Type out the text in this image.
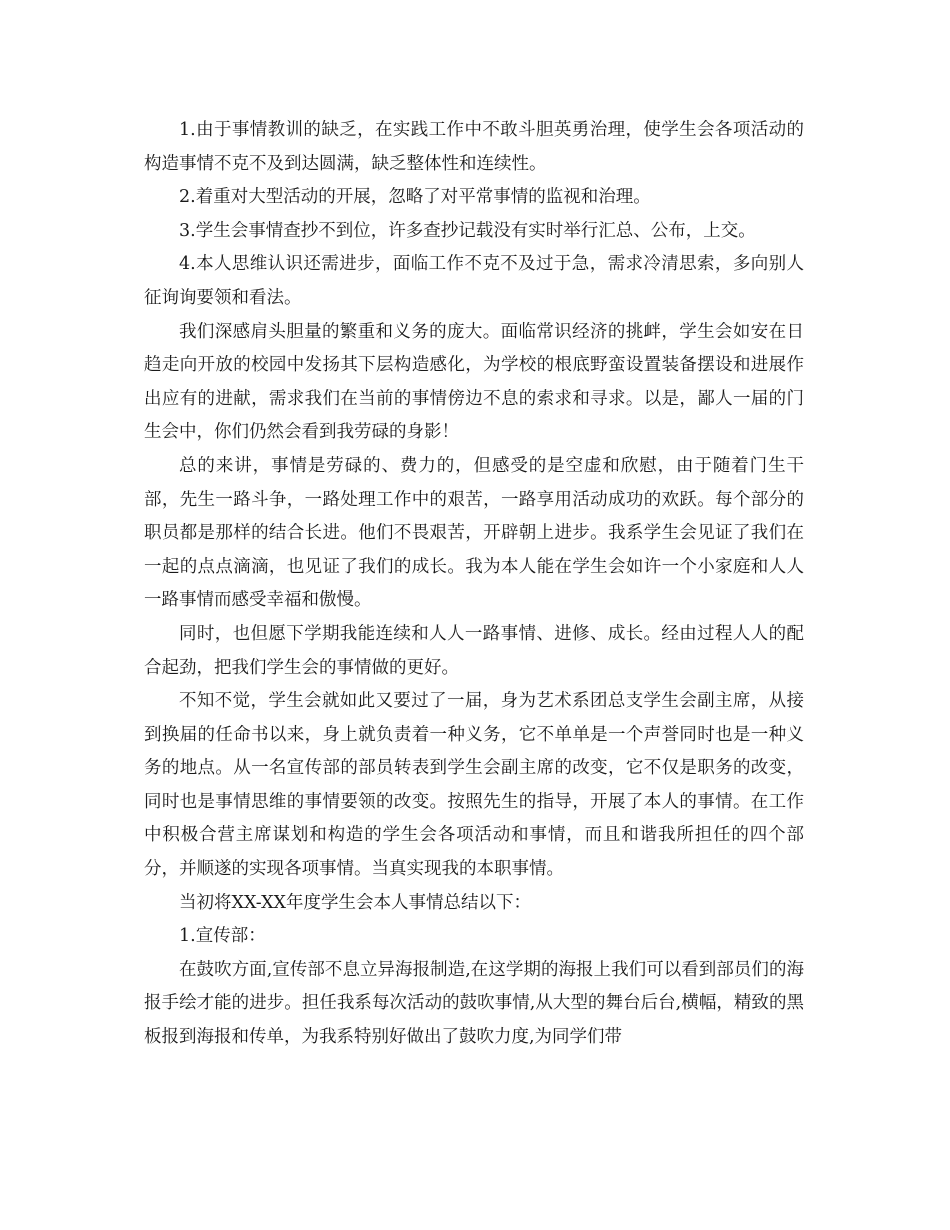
1.由于事情教训的缺乏，在实践工作中不敢斗胆英勇治理，使学生会各项活动的构造事情不克不及到达圆满，缺乏整体性和连续性。

2.着重对大型活动的开展，忽略了对平常事情的监视和治理。

3.学生会事情查抄不到位，许多查抄记载没有实时举行汇总、公布，上交。

4.本人思维认识还需进步，面临工作不克不及过于急，需求冷清思索，多向别人征询询要领和看法。

我们深感肩头胆量的繁重和义务的庞大。面临常识经济的挑衅，学生会如安在日趋走向开放的校园中发扬其下层构造感化，为学校的根底野蛮设置装备摆设和进展作出应有的进献，需求我们在当前的事情傍边不息的索求和寻求。以是，鄙人一届的门生会中，你们仍然会看到我劳碌的身影！

总的来讲，事情是劳碌的、费力的，但感受的是空虚和欣慰，由于随着门生干部，先生一路斗争，一路处理工作中的艰苦，一路享用活动成功的欢跃。每个部分的职员都是那样的结合长进。他们不畏艰苦，开辟朝上进步。我系学生会见证了我们在一起的点点滴滴，也见证了我们的成长。我为本人能在学生会如许一个小家庭和人人一路事情而感受幸福和傲慢。

同时，也但愿下学期我能连续和人人一路事情、进修、成长。经由过程人人的配合起劲，把我们学生会的事情做的更好。

不知不觉，学生会就如此又要过了一届，身为艺术系团总支学生会副主席，从接到换届的任命书以来，身上就负责着一种义务，它不单单是一个声誉同时也是一种义务的地点。从一名宣传部的部员转表到学生会副主席的改变，它不仅是职务的改变，同时也是事情思维的事情要领的改变。按照先生的指导，开展了本人的事情。在工作中积极合营主席谋划和构造的学生会各项活动和事情，而且和谐我所担任的四个部分，并顺遂的实现各项事情。当真实现我的本职事情。

当初将XX-XX年度学生会本人事情总结以下：

1.宣传部：

在鼓吹方面,宣传部不息立异海报制造,在这学期的海报上我们可以看到部员们的海报手绘才能的进步。担任我系每次活动的鼓吹事情,从大型的舞台后台,横幅，精致的黑板报到海报和传单，为我系特别好做出了鼓吹力度,为同学们带
